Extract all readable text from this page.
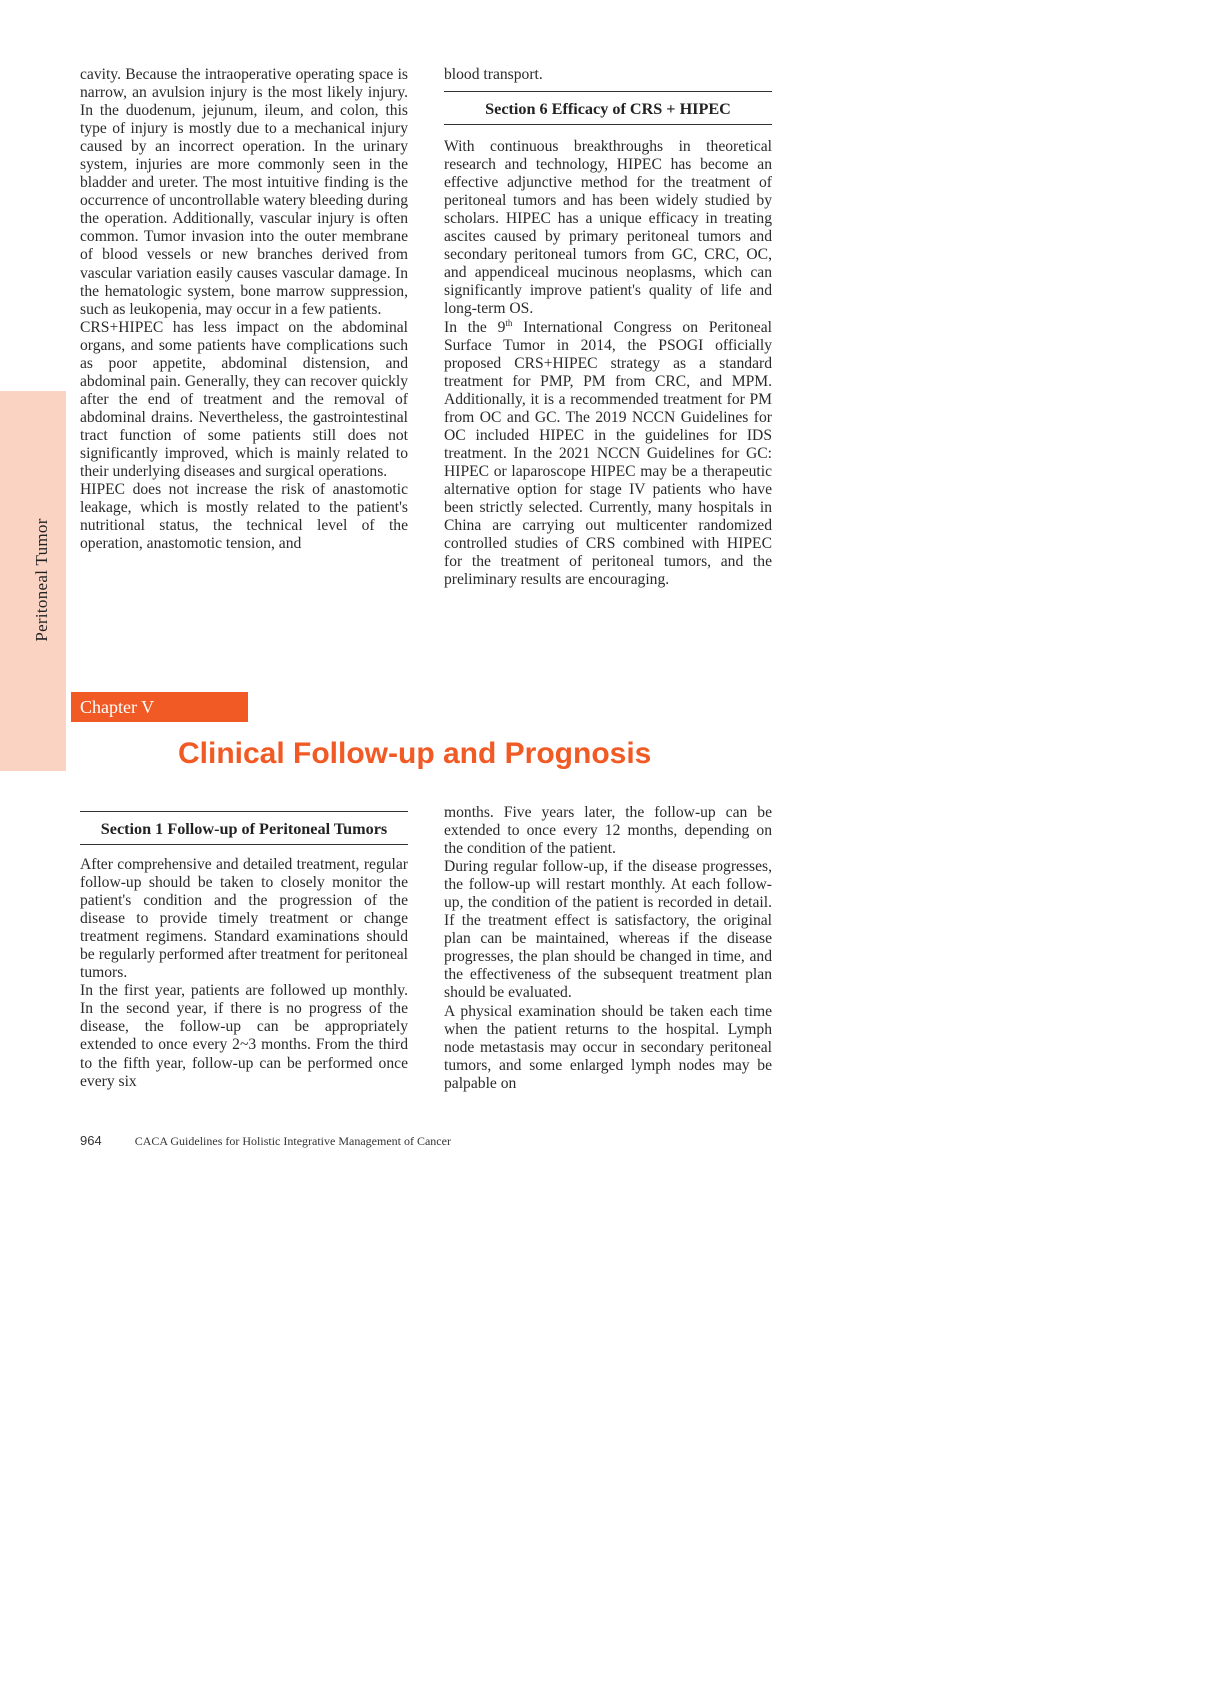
Peritoneal Tumor

cavity. Because the intraoperative operating space is narrow, an avulsion injury is the most likely injury. In the duodenum, jejunum, ileum, and colon, this type of injury is mostly due to a mechanical injury caused by an incorrect operation. In the urinary system, injuries are more commonly seen in the bladder and ureter. The most intuitive finding is the occurrence of uncontrollable watery bleeding during the operation. Additionally, vascular injury is often common. Tumor invasion into the outer membrane of blood vessels or new branches derived from vascular variation easily causes vascular damage. In the hematologic system, bone marrow suppression, such as leukopenia, may occur in a few patients.

CRS+HIPEC has less impact on the abdominal organs, and some patients have complications such as poor appetite, abdominal distension, and abdominal pain. Generally, they can recover quickly after the end of treatment and the removal of abdominal drains. Nevertheless, the gastrointestinal tract function of some patients still does not significantly improved, which is mainly related to their underlying diseases and surgical operations.

HIPEC does not increase the risk of anastomotic leakage, which is mostly related to the patient's nutritional status, the technical level of the operation, anastomotic tension, and

blood transport.

Section 6 Efficacy of CRS + HIPEC

With continuous breakthroughs in theoretical research and technology, HIPEC has become an effective adjunctive method for the treatment of peritoneal tumors and has been widely studied by scholars. HIPEC has a unique efficacy in treating ascites caused by primary peritoneal tumors and secondary peritoneal tumors from GC, CRC, OC, and appendiceal mucinous neoplasms, which can significantly improve patient's quality of life and long-term OS.

In the 9th International Congress on Peritoneal Surface Tumor in 2014, the PSOGI officially proposed CRS+HIPEC strategy as a standard treatment for PMP, PM from CRC, and MPM. Additionally, it is a recommended treatment for PM from OC and GC. The 2019 NCCN Guidelines for OC included HIPEC in the guidelines for IDS treatment. In the 2021 NCCN Guidelines for GC: HIPEC or laparoscope HIPEC may be a therapeutic alternative option for stage IV patients who have been strictly selected. Currently, many hospitals in China are carrying out multicenter randomized controlled studies of CRS combined with HIPEC for the treatment of peritoneal tumors, and the preliminary results are encouraging.

Chapter V
Clinical Follow-up and Prognosis
Section 1 Follow-up of Peritoneal Tumors

After comprehensive and detailed treatment, regular follow-up should be taken to closely monitor the patient's condition and the progression of the disease to provide timely treatment or change treatment regimens. Standard examinations should be regularly performed after treatment for peritoneal tumors.

In the first year, patients are followed up monthly. In the second year, if there is no progress of the disease, the follow-up can be appropriately extended to once every 2~3 months. From the third to the fifth year, follow-up can be performed once every six

months. Five years later, the follow-up can be extended to once every 12 months, depending on the condition of the patient.

During regular follow-up, if the disease progresses, the follow-up will restart monthly. At each follow-up, the condition of the patient is recorded in detail. If the treatment effect is satisfactory, the original plan can be maintained, whereas if the disease progresses, the plan should be changed in time, and the effectiveness of the subsequent treatment plan should be evaluated.

A physical examination should be taken each time when the patient returns to the hospital. Lymph node metastasis may occur in secondary peritoneal tumors, and some enlarged lymph nodes may be palpable on

964	CACA Guidelines for Holistic Integrative Management of Cancer
